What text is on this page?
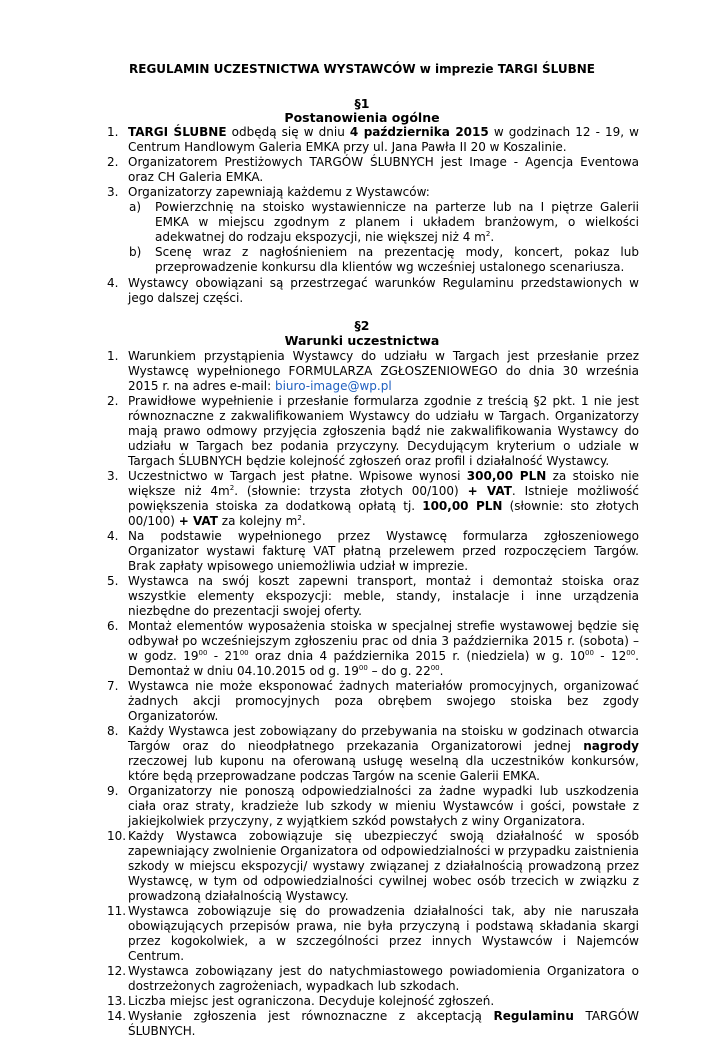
REGULAMIN UCZESTNICTWA WYSTAWCÓW w imprezie TARGI ŚLUBNE
§1
Postanowienia ogólne
1. TARGI ŚLUBNE odbędą się w dniu 4 października 2015 w godzinach 12 - 19, w Centrum Handlowym Galeria EMKA przy ul. Jana Pawła II 20 w Koszalinie.
2. Organizatorem Prestiżowych TARGÓW ŚLUBNYCH jest Image - Agencja Eventowa oraz CH Galeria EMKA.
3. Organizatorzy zapewniają każdemu z Wystawców:
a) Powierzchnię na stoisko wystawiennicze na parterze lub na I piętrze Galerii EMKA w miejscu zgodnym z planem i układem branżowym, o wielkości adekwatnej do rodzaju ekspozycji, nie większej niż 4 $m^2$.
b) Scenę wraz z nagłośnieniem na prezentację mody, koncert, pokaz lub przeprowadzenie konkursu dla klientów wg wcześniej ustalonego scenariusza.
4. Wystawcy obowiązani są przestrzegać warunków Regulaminu przedstawionych w jego dalszej części.
§2
Warunki uczestnictwa
1. Warunkiem przystąpienia Wystawcy do udziału w Targach jest przesłanie przez Wystawcę wypełnionego FORMULARZA ZGŁOSZENIOWEGO do dnia 30 września 2015 r. na adres e-mail: biuro-image@wp.pl
2. Prawidłowe wypełnienie i przesłanie formularza zgodnie z treścią §2 pkt. 1 nie jest równoznaczne z zakwalifikowaniem Wystawcy do udziału w Targach. Organizatorzy mają prawo odmowy przyjęcia zgłoszenia bądź nie zakwalifikowania Wystawcy do udziału w Targach bez podania przyczyny. Decydującym kryterium o udziale w Targach ŚLUBNYCH będzie kolejność zgłoszeń oraz profil i działalność Wystawcy.
3. Uczestnictwo w Targach jest płatne. Wpisowe wynosi 300,00 PLN za stoisko nie większe niż $4m^2$. (słownie: trzysta złotych 00/100) + VAT. Istnieje możliwość powiększenia stoiska za dodatkową opłatą tj. 100,00 PLN (słownie: sto złotych 00/100) + VAT za kolejny $m^2$.
4. Na podstawie wypełnionego przez Wystawcę formularza zgłoszeniowego Organizator wystawi fakturę VAT płatną przelewem przed rozpoczęciem Targów. Brak zapłaty wpisowego uniemożliwia udział w imprezie.
5. Wystawca na swój koszt zapewni transport, montaż i demontaż stoiska oraz wszystkie elementy ekspozycji: meble, standy, instalacje i inne urządzenia niezbędne do prezentacji swojej oferty.
6. Montaż elementów wyposażenia stoiska w specjalnej strefie wystawowej będzie się odbywał po wcześniejszym zgłoszeniu prac od dnia 3 października 2015 r. (sobota) – w godz. $19^{00} - 21^{00}$ oraz dnia 4 października 2015 r. (niedziela) w g. $10^{00} - 12^{00}$. Demontaż w dniu 04.10.2015 od g. $19^{00}$ – do g. $22^{00}$.
7. Wystawca nie może eksponować żadnych materiałów promocyjnych, organizować żadnych akcji promocyjnych poza obrębem swojego stoiska bez zgody Organizatorów.
8. Każdy Wystawca jest zobowiązany do przebywania na stoisku w godzinach otwarcia Targów oraz do nieodpłatnego przekazania Organizatorowi jednej nagrody rzeczowej lub kuponu na oferowaną usługę weselną dla uczestników konkursów, które będą przeprowadzane podczas Targów na scenie Galerii EMKA.
9. Organizatorzy nie ponoszą odpowiedzialności za żadne wypadki lub uszkodzenia ciała oraz straty, kradzieże lub szkody w mieniu Wystawców i gości, powstałe z jakiejkolwiek przyczyny, z wyjątkiem szkód powstałych z winy Organizatora.
10. Każdy Wystawca zobowiązuje się ubezpieczyć swoją działalność w sposób zapewniający zwolnienie Organizatora od odpowiedzialności w przypadku zaistnienia szkody w miejscu ekspozycji/ wystawy związanej z działalnością prowadzoną przez Wystawcę, w tym od odpowiedzialności cywilnej wobec osób trzecich w związku z prowadzoną działalnością Wystawcy.
11. Wystawca zobowiązuje się do prowadzenia działalności tak, aby nie naruszała obowiązujących przepisów prawa, nie była przyczyną i podstawą składania skargi przez kogokolwiek, a w szczególności przez innych Wystawców i Najemców Centrum.
12. Wystawca zobowiązany jest do natychmiastowego powiadomienia Organizatora o dostrzeżonych zagrożeniach, wypadkach lub szkodach.
13. Liczba miejsc jest ograniczona. Decyduje kolejność zgłoszeń.
14. Wysłanie zgłoszenia jest równoznaczne z akceptacją Regulaminu TARGÓW ŚLUBNYCH.
